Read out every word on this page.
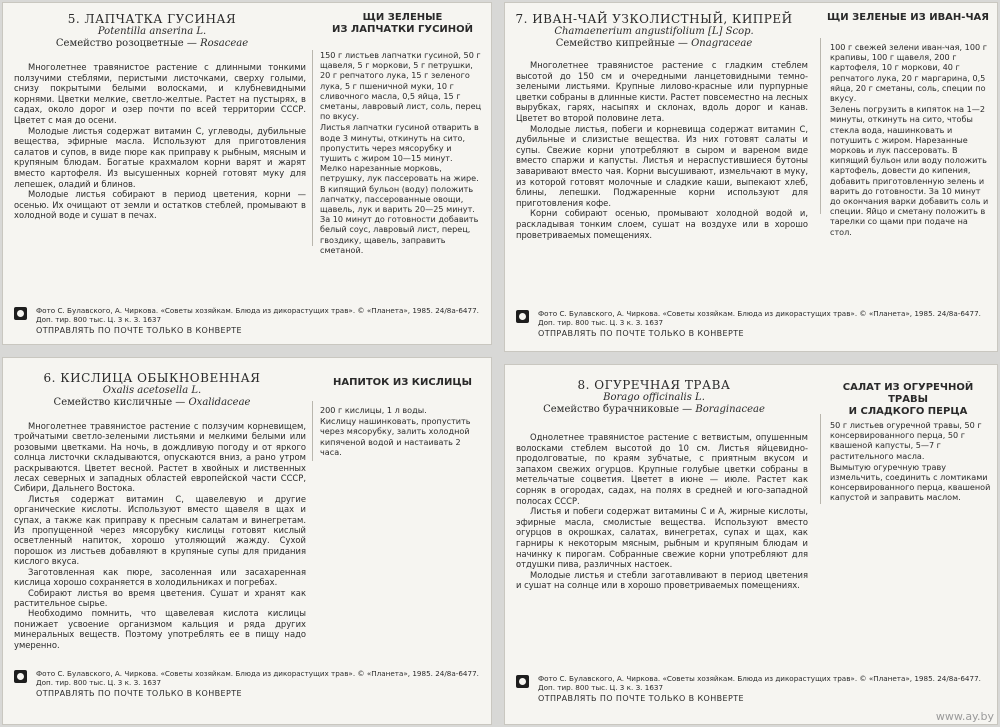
5. ЛАПЧАТКА ГУСИНАЯ
Potentilla anserina L.
Семейство розоцветные — Rosaceae
ЩИ ЗЕЛЕНЫЕ
ИЗ ЛАПЧАТКИ ГУСИНОЙ

Многолетнее травянистое растение с длинными тонкими ползучими стеблями, перистыми листочками, сверху голыми, снизу покрытыми белыми волосками, и клубневидными корнями. Цветки мелкие, светло-желтые. Растет на пустырях, в садах, около дорог и озер почти по всей территории СССР. Цветет с мая до осени.

Молодые листья содержат витамин С, углеводы, дубильные вещества, эфирные масла. Используют для приготовления салатов и супов, в виде пюре как приправу к рыбным, мясным и крупяным блюдам. Богатые крахмалом корни варят и жарят вместо картофеля. Из высушенных корней готовят муку для лепешек, оладий и блинов.

Молодые листья собирают в период цветения, корни — осенью. Их очищают от земли и остатков стеблей, промывают в холодной воде и сушат в печах.

150 г листьев лапчатки гусиной, 50 г щавеля, 5 г моркови, 5 г петрушки, 20 г репчатого лука, 15 г зеленого лука, 5 г пшеничной муки, 10 г сливочного масла, 0,5 яйца, 15 г сметаны, лавровый лист, соль, перец по вкусу.

Листья лапчатки гусиной отварить в воде 3 минуты, откинуть на сито, пропустить через мясорубку и тушить с жиром 10—15 минут. Мелко нарезанные морковь, петрушку, лук пассеровать на жире. В кипящий бульон (воду) положить лапчатку, пассерованные овощи, щавель, лук и варить 20—25 минут. За 10 минут до готовности добавить белый соус, лавровый лист, перец, гвоздику, щавель, заправить сметаной.

Фото С. Булавского, А. Чиркова. «Советы хозяйкам. Блюда из дикорастущих трав». © «Планета», 1985. 24/8а-6477.
Доп. тир. 800 тыс. Ц. 3 к. З. 1637
ОТПРАВЛЯТЬ ПО ПОЧТЕ ТОЛЬКО В КОНВЕРТЕ
7. ИВАН-ЧАЙ УЗКОЛИСТНЫЙ, КИПРЕЙ
Chamaenerium angustifolium [L] Scop.
Семейство кипрейные — Onagraceae
ЩИ ЗЕЛЕНЫЕ ИЗ ИВАН-ЧАЯ

Многолетнее травянистое растение с гладким стеблем высотой до 150 см и очередными ланцетовидными темно-зелеными листьями. Крупные лилово-красные или пурпурные цветки собраны в длинные кисти. Растет повсеместно на лесных вырубках, гарях, насыпях и склонах, вдоль дорог и канав. Цветет во второй половине лета.

Молодые листья, побеги и корневища содержат витамин С, дубильные и слизистые вещества. Из них готовят салаты и супы. Свежие корни употребляют в сыром и вареном виде вместо спаржи и капусты. Листья и нераспустившиеся бутоны заваривают вместо чая. Корни высушивают, измельчают в муку, из которой готовят молочные и сладкие каши, выпекают хлеб, блины, лепешки. Поджаренные корни используют для приготовления кофе.

Корни собирают осенью, промывают холодной водой и, раскладывая тонким слоем, сушат на воздухе или в хорошо проветриваемых помещениях.

100 г свежей зелени иван-чая, 100 г крапивы, 100 г щавеля, 200 г картофеля, 10 г моркови, 40 г репчатого лука, 20 г маргарина, 0,5 яйца, 20 г сметаны, соль, специи по вкусу.

Зелень погрузить в кипяток на 1—2 минуты, откинуть на сито, чтобы стекла вода, нашинковать и потушить с жиром. Нарезанные морковь и лук пассеровать. В кипящий бульон или воду положить картофель, довести до кипения, добавить приготовленную зелень и варить до готовности. За 10 минут до окончания варки добавить соль и специи. Яйцо и сметану положить в тарелки со щами при подаче на стол.

Фото С. Булавского, А. Чиркова. «Советы хозяйкам. Блюда из дикорастущих трав». © «Планета», 1985. 24/8а-6477.
Доп. тир. 800 тыс. Ц. 3 к. З. 1637
ОТПРАВЛЯТЬ ПО ПОЧТЕ ТОЛЬКО В КОНВЕРТЕ
6. КИСЛИЦА ОБЫКНОВЕННАЯ
Oxalis acetosella L.
Семейство кисличные — Oxalidaceae
НАПИТОК ИЗ КИСЛИЦЫ

Многолетнее травянистое растение с ползучим корневищем, тройчатыми светло-зелеными листьями и мелкими белыми или розовыми цветками. На ночь, в дождливую погоду и от яркого солнца листочки складываются, опускаются вниз, а рано утром раскрываются. Цветет весной. Растет в хвойных и лиственных лесах северных и западных областей европейской части СССР, Сибири, Дальнего Востока.

Листья содержат витамин С, щавелевую и другие органические кислоты. Используют вместо щавеля в щах и супах, а также как приправу к пресным салатам и винегретам. Из пропущенной через мясорубку кислицы готовят кислый осветленный напиток, хорошо утоляющий жажду. Сухой порошок из листьев добавляют в крупяные супы для придания кислого вкуса.

Заготовленная как пюре, засоленная или засахаренная кислица хорошо сохраняется в холодильниках и погребах.

Собирают листья во время цветения. Сушат и хранят как растительное сырье.

Необходимо помнить, что щавелевая кислота кислицы понижает усвоение организмом кальция и ряда других минеральных веществ. Поэтому употреблять ее в пищу надо умеренно.

200 г кислицы, 1 л воды.

Кислицу нашинковать, пропустить через мясорубку, залить холодной кипяченой водой и настаивать 2 часа.

Фото С. Булавского, А. Чиркова. «Советы хозяйкам. Блюда из дикорастущих трав». © «Планета», 1985. 24/8а-6477.
Доп. тир. 800 тыс. Ц. 3 к. З. 1637
ОТПРАВЛЯТЬ ПО ПОЧТЕ ТОЛЬКО В КОНВЕРТЕ
8. ОГУРЕЧНАЯ ТРАВА
Borago officinalis L.
Семейство бурачниковые — Boraginaceae
САЛАТ ИЗ ОГУРЕЧНОЙ ТРАВЫ
И СЛАДКОГО ПЕРЦА

Однолетнее травянистое растение с ветвистым, опушенным волосками стеблем высотой до 10 см. Листья яйцевидно-продолговатые, по краям зубчатые, с приятным вкусом и запахом свежих огурцов. Крупные голубые цветки собраны в метельчатые соцветия. Цветет в июне — июле. Растет как сорняк в огородах, садах, на полях в средней и юго-западной полосах СССР.

Листья и побеги содержат витамины С и А, жирные кислоты, эфирные масла, смолистые вещества. Используют вместо огурцов в окрошках, салатах, винегретах, супах и щах, как гарниры к некоторым мясным, рыбным и крупяным блюдам и начинку к пирогам. Собранные свежие корни употребляют для отдушки пива, различных настоек.

Молодые листья и стебли заготавливают в период цветения и сушат на солнце или в хорошо проветриваемых помещениях.

50 г листьев огуречной травы, 50 г консервированного перца, 50 г квашеной капусты, 5—7 г растительного масла.

Вымытую огуречную траву измельчить, соединить с ломтиками консервированного перца, квашеной капустой и заправить маслом.

Фото С. Булавского, А. Чиркова. «Советы хозяйкам. Блюда из дикорастущих трав». © «Планета», 1985. 24/8а-6477.
Доп. тир. 800 тыс. Ц. 3 к. З. 1637
ОТПРАВЛЯТЬ ПО ПОЧТЕ ТОЛЬКО В КОНВЕРТЕ
www.ay.by
